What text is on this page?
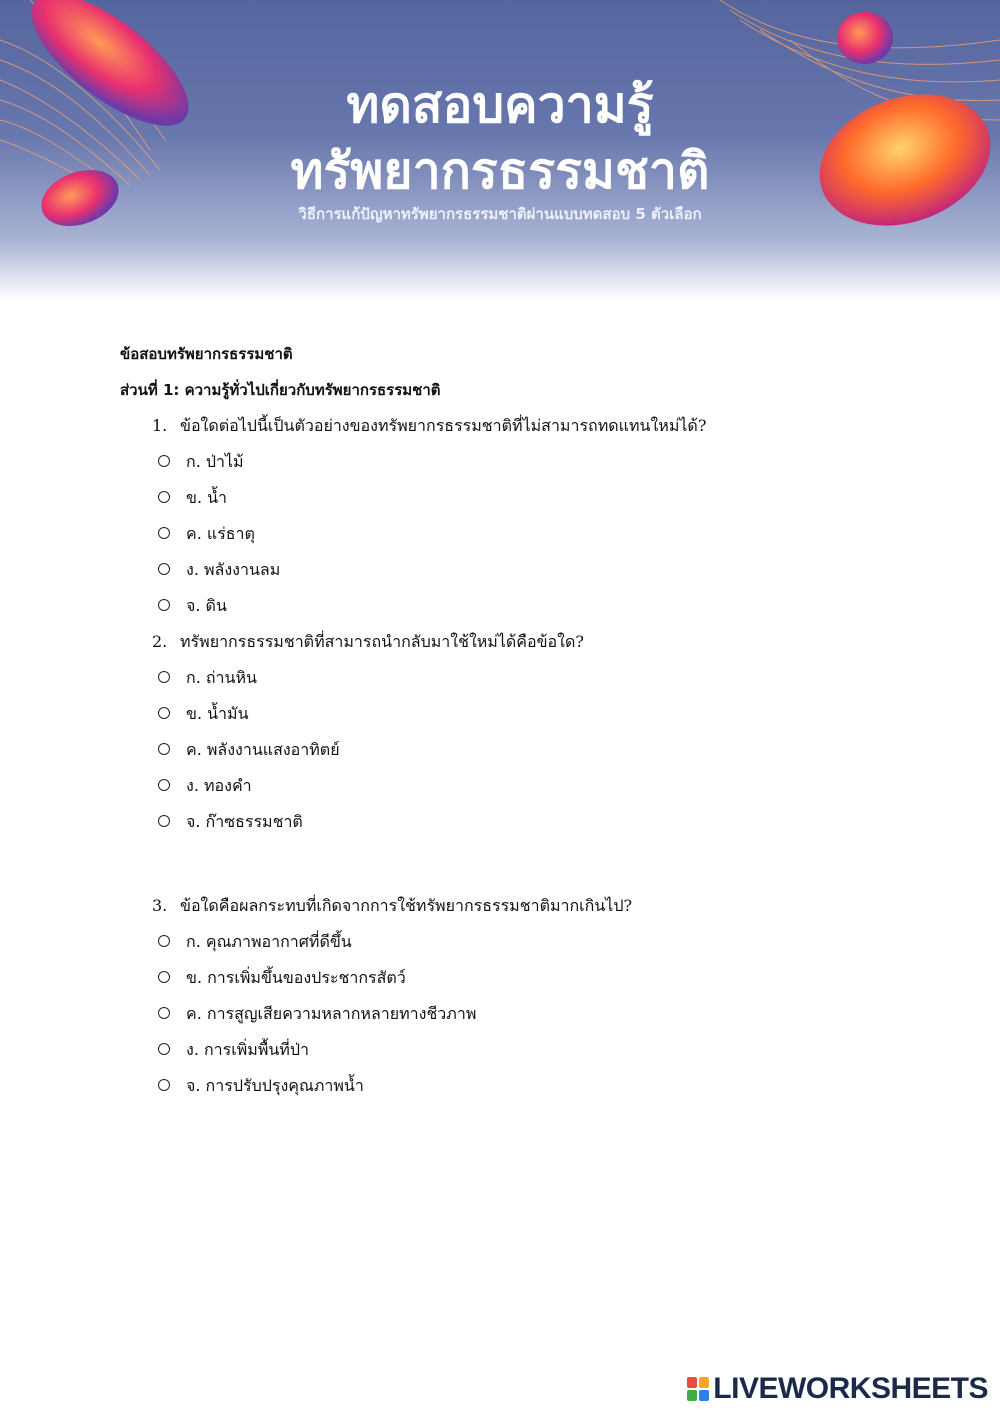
ทดสอบความรู้
ทรัพยากรธรรมชาติ
วิธีการแก้ปัญหาทรัพยากรธรรมชาติผ่านแบบทดสอบ 5 ตัวเลือก
ข้อสอบทรัพยากรธรรมชาติ
ส่วนที่ 1: ความรู้ทั่วไปเกี่ยวกับทรัพยากรธรรมชาติ
1. ข้อใดต่อไปนี้เป็นตัวอย่างของทรัพยากรธรรมชาติที่ไม่สามารถทดแทนใหม่ได้?
ก. ป่าไม้
ข. น้ำ
ค. แร่ธาตุ
ง. พลังงานลม
จ. ดิน
2. ทรัพยากรธรรมชาติที่สามารถนำกลับมาใช้ใหม่ได้คือข้อใด?
ก. ถ่านหิน
ข. น้ำมัน
ค. พลังงานแสงอาทิตย์
ง. ทองคำ
จ. ก๊าซธรรมชาติ
3. ข้อใดคือผลกระทบที่เกิดจากการใช้ทรัพยากรธรรมชาติมากเกินไป?
ก. คุณภาพอากาศที่ดีขึ้น
ข. การเพิ่มขึ้นของประชากรสัตว์
ค. การสูญเสียความหลากหลายทางชีวภาพ
ง. การเพิ่มพื้นที่ป่า
จ. การปรับปรุงคุณภาพน้ำ
LIVEWORKSHEETS
